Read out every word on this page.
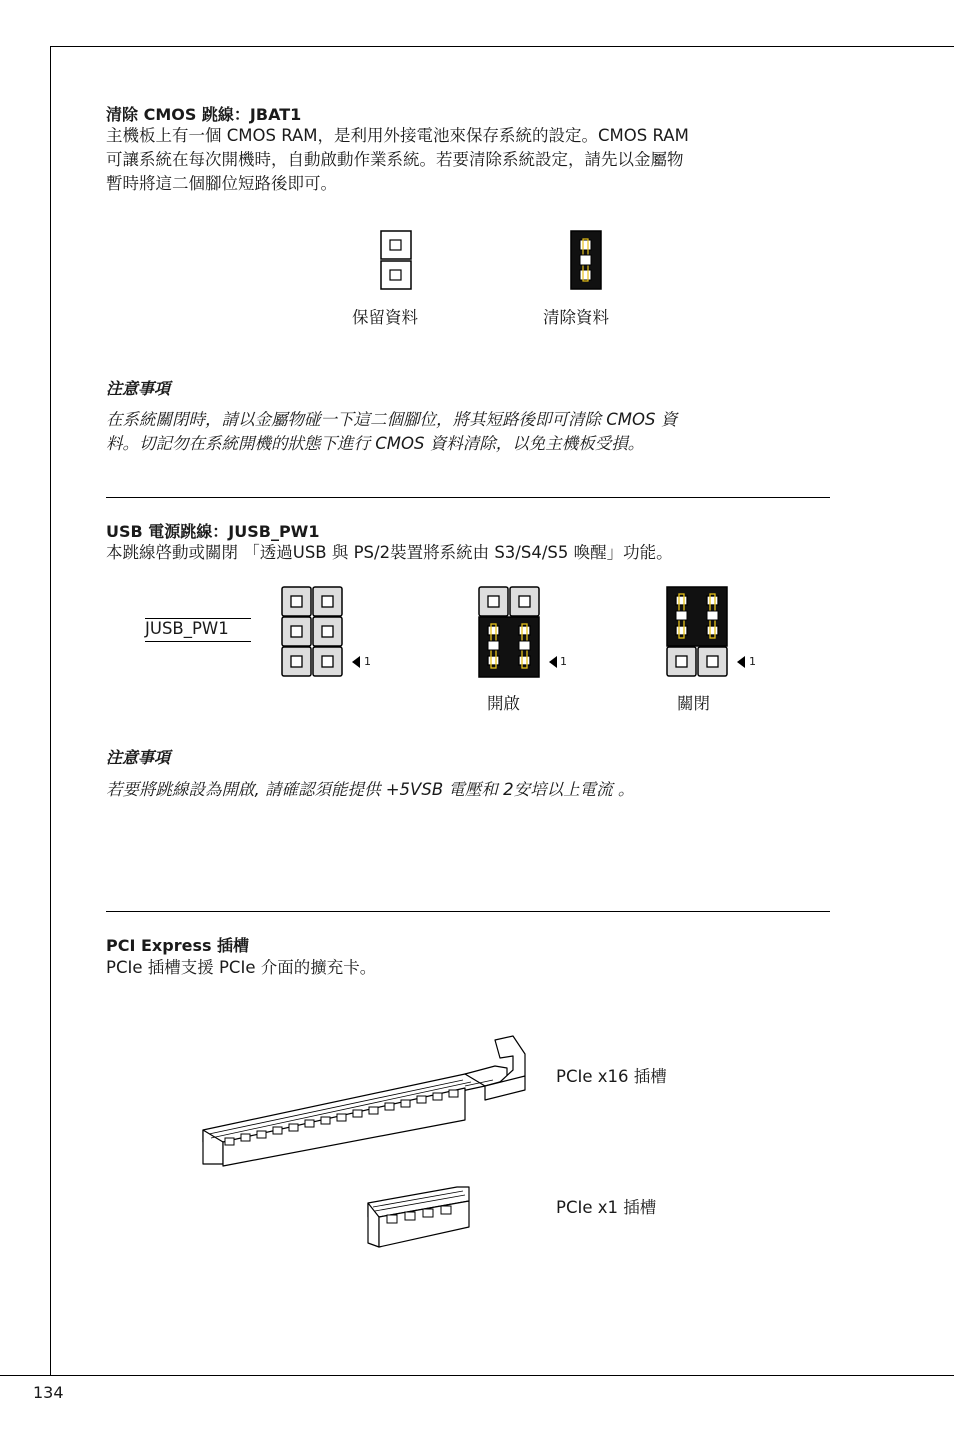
清除 CMOS 跳線：JBAT1
主機板上有一個 CMOS RAM，是利用外接電池來保存系統的設定。CMOS RAM
可讓系統在每次開機時，自動啟動作業系統。若要清除系統設定，請先以金屬物
暫時將這二個腳位短路後即可。
保留資料	清除資料
注意事項
在系統關閉時，請以金屬物碰一下這二個腳位，將其短路後即可清除 CMOS 資
料。切記勿在系統開機的狀態下進行 CMOS 資料清除，以免主機板受損。
USB 電源跳線：JUSB_PW1
本跳線啓動或關閉 「透過USB 與 PS/2裝置將系統由 S3/S4/S5 喚醒」功能。
JUSB_PW1
1	1
開啟
1
關閉
注意事項
若要將跳線設為開啟, 請確認須能提供 +5VSB 電壓和 2安培以上電流 。
PCI Express 插槽
PCIe 插槽支援 PCIe 介面的擴充卡。
PCIe x16 插槽
PCIe x1 插槽
134
